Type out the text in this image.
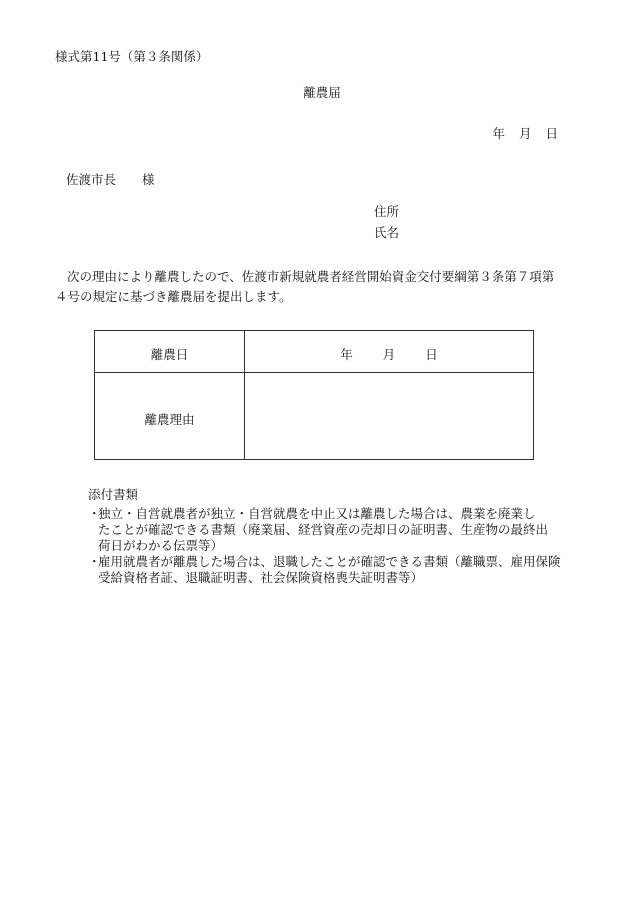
様式第11号（第３条関係）
離農届
年 月 日
佐渡市長 様
住所
氏名
次の理由により離農したので、佐渡市新規就農者経営開始資金交付要綱第３条第７項第４号の規定に基づき離農届を提出します。
離農日	年 月 日
離農理由
添付書類
・
独立・自営就農者が独立・自営就農を中止又は離農した場合は、農業を廃業し
たことが確認できる書類（廃業届、経営資産の売却日の証明書、生産物の最終出
荷日がわかる伝票等）
・
雇用就農者が離農した場合は、退職したことが確認できる書類（離職票、雇用保険
受給資格者証、退職証明書、社会保険資格喪失証明書等）
